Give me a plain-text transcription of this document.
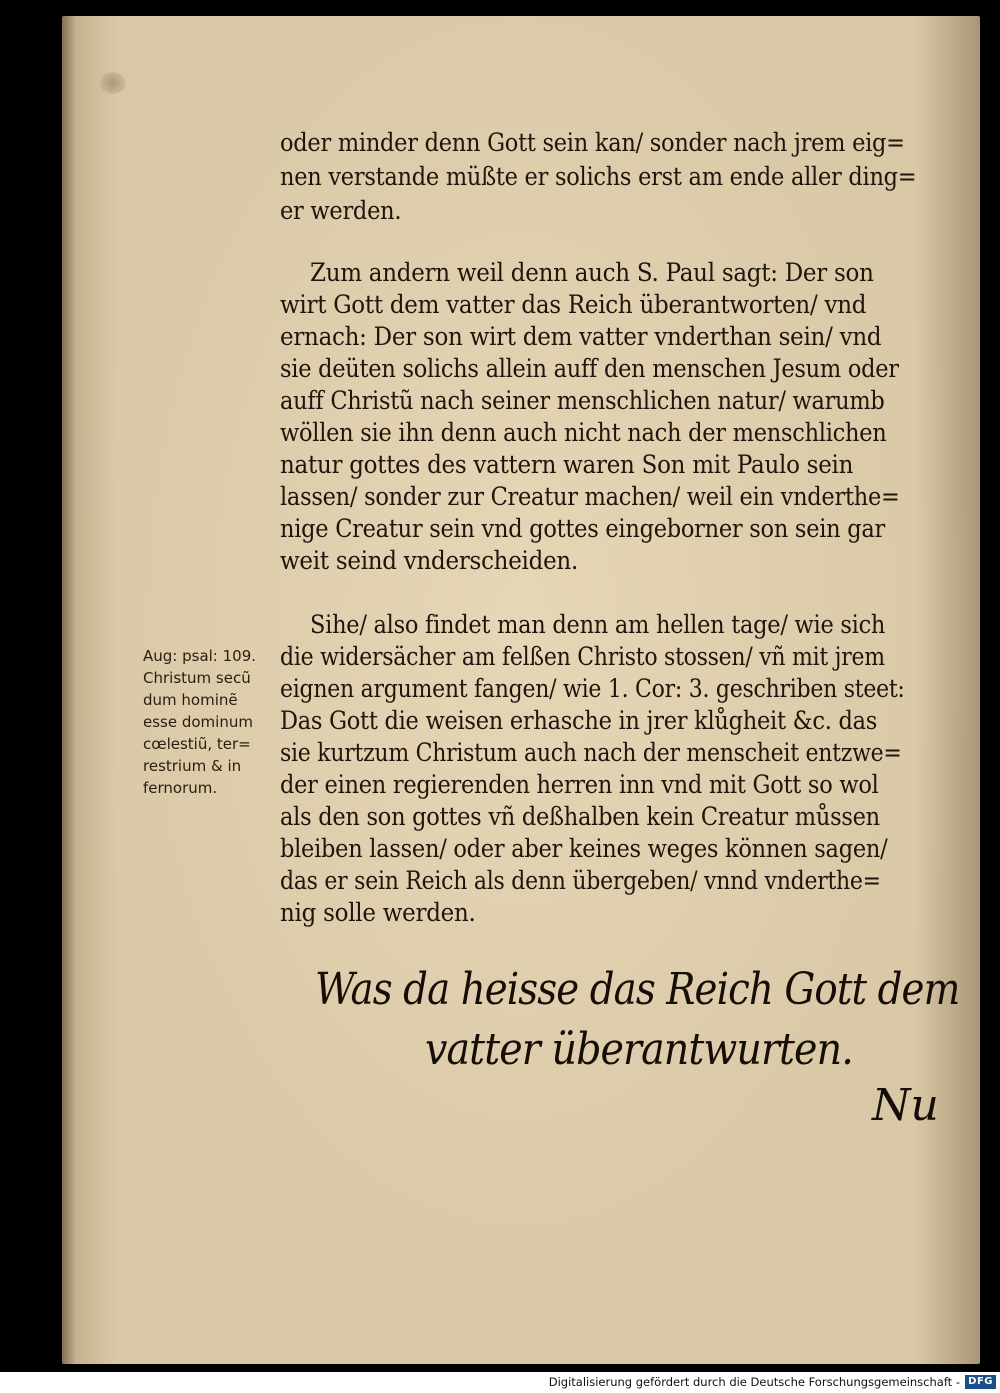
oder minder denn Gott sein kan/ sonder nach jrem eig=
nen verstande müßte er solichs erst am ende aller ding=
er werden.
Zum andern weil denn auch S. Paul sagt: Der son
wirt Gott dem vatter das Reich überantworten/ vnd
ernach: Der son wirt dem vatter vnderthan sein/ vnd
sie deüten solichs allein auff den menschen Jesum oder
auff Christũ nach seiner menschlichen natur/ warumb
wöllen sie ihn denn auch nicht nach der menschlichen
natur gottes des vattern waren Son mit Paulo sein
lassen/ sonder zur Creatur machen/ weil ein vnderthe=
nige Creatur sein vnd gottes eingeborner son sein gar
weit seind vnderscheiden.
Sihe/ also findet man denn am hellen tage/ wie sich
die widersächer am felßen Christo stossen/ vñ mit jrem
eignen argument fangen/ wie 1. Cor: 3. geschriben steet:
Das Gott die weisen erhasche in jrer klůgheit &c. das
sie kurtzum Christum auch nach der menscheit entzwe=
der einen regierenden herren inn vnd mit Gott so wol
als den son gottes vñ deßhalben kein Creatur můssen
bleiben lassen/ oder aber keines weges können sagen/
das er sein Reich als denn übergeben/ vnnd vnderthe=
nig solle werden.
Aug: psal: 109.
Christum secũ
dum hominẽ
esse dominum
cœlestiũ, ter=
restrium & in
fernorum.
Was da heisse das Reich Gott dem
vatter überantwurten.
Nu
Digitalisierung gefördert durch die Deutsche Forschungsgemeinschaft - DFG
